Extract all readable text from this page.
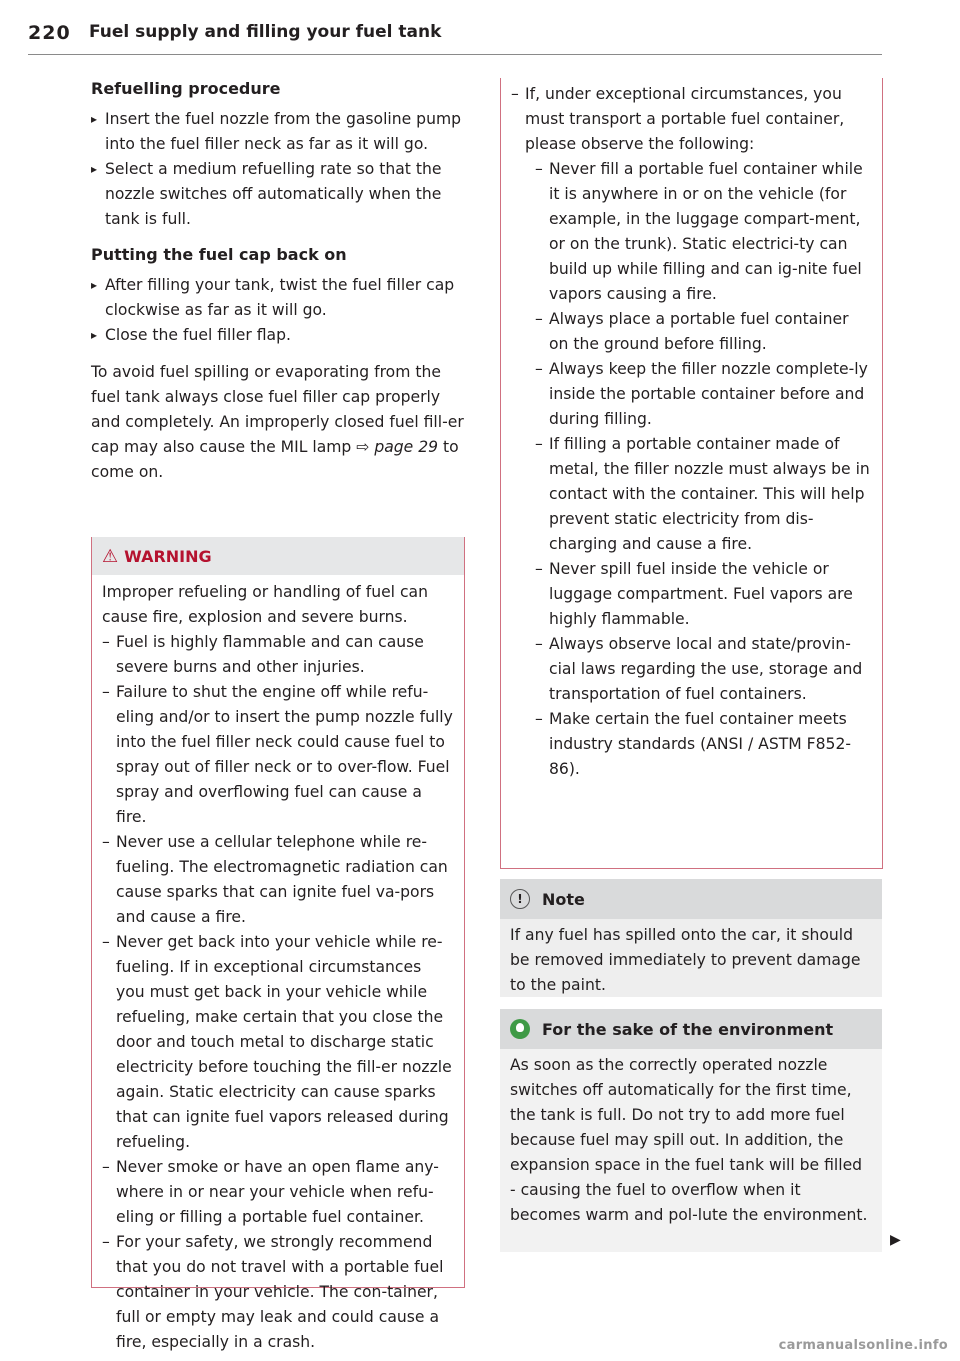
220 Fuel supply and filling your fuel tank
Refuelling procedure
▸ Insert the fuel nozzle from the gasoline pump into the fuel filler neck as far as it will go.
▸ Select a medium refuelling rate so that the nozzle switches off automatically when the tank is full.
Putting the fuel cap back on
▸ After filling your tank, twist the fuel filler cap clockwise as far as it will go.
▸ Close the fuel filler flap.

To avoid fuel spilling or evaporating from the fuel tank always close fuel filler cap properly and completely. An improperly closed fuel fill-er cap may also cause the MIL lamp ⇨ page 29 to come on.

⚠ WARNING
Improper refueling or handling of fuel can cause fire, explosion and severe burns.
– Fuel is highly flammable and can cause severe burns and other injuries.
– Failure to shut the engine off while refu-eling and/or to insert the pump nozzle fully into the fuel filler neck could cause fuel to spray out of filler neck or to over-flow. Fuel spray and overflowing fuel can cause a fire.
– Never use a cellular telephone while re-fueling. The electromagnetic radiation can cause sparks that can ignite fuel va-pors and cause a fire.
– Never get back into your vehicle while re-fueling. If in exceptional circumstances you must get back in your vehicle while refueling, make certain that you close the door and touch metal to discharge static electricity before touching the fill-er nozzle again. Static electricity can cause sparks that can ignite fuel vapors released during refueling.
– Never smoke or have an open flame any-where in or near your vehicle when refu-eling or filling a portable fuel container.
– For your safety, we strongly recommend that you do not travel with a portable fuel container in your vehicle. The con-tainer, full or empty may leak and could cause a fire, especially in a crash.
– If, under exceptional circumstances, you must transport a portable fuel container, please observe the following:
– Never fill a portable fuel container while it is anywhere in or on the vehicle (for example, in the luggage compart-ment, or on the trunk). Static electrici-ty can build up while filling and can ig-nite fuel vapors causing a fire.
– Always place a portable fuel container on the ground before filling.
– Always keep the filler nozzle complete-ly inside the portable container before and during filling.
– If filling a portable container made of metal, the filler nozzle must always be in contact with the container. This will help prevent static electricity from dis-charging and cause a fire.
– Never spill fuel inside the vehicle or luggage compartment. Fuel vapors are highly flammable.
– Always observe local and state/provin-cial laws regarding the use, storage and transportation of fuel containers.
– Make certain the fuel container meets industry standards (ANSI / ASTM F852-86).
!	Note
If any fuel has spilled onto the car, it should be removed immediately to prevent damage to the paint.
For the sake of the environment
As soon as the correctly operated nozzle switches off automatically for the first time, the tank is full. Do not try to add more fuel because fuel may spill out. In addition, the expansion space in the fuel tank will be filled - causing the fuel to overflow when it becomes warm and pol-lute the environment.
▶
carmanualsonline.info
